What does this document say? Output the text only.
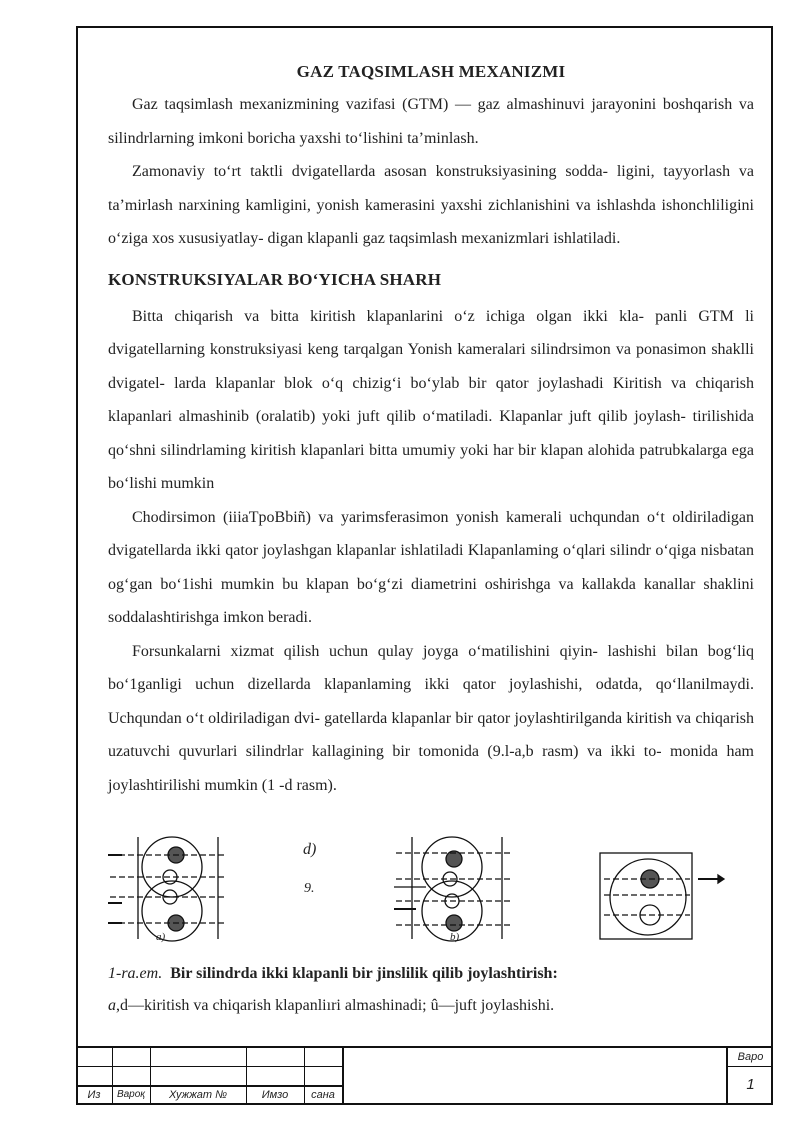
GAZ TAQSIMLASH MEXANIZMI

Gaz taqsimlash mexanizmining vazifasi (GTM) — gaz almashinuvi jarayonini boshqarish va silindrlarning imkoni boricha yaxshi to‘lishini ta’minlash.

Zamonaviy to‘rt taktli dvigatellarda asosan konstruksiyasining sodda- ligini, tayyorlash va ta’mirlash narxining kamligini, yonish kamerasini yaxshi zichlanishini va ishlashda ishonchliligini o‘ziga xos xususiyatlay- digan klapanli gaz taqsimlash mexanizmlari ishlatiladi.

KONSTRUKSIYALAR BO‘YICHA SHARH

Bitta chiqarish va bitta kiritish klapanlarini o‘z ichiga olgan ikki kla- panli GTM li dvigatellarning konstruksiyasi keng tarqalgan Yonish kameralari silindrsimon va ponasimon shaklli dvigatel- larda klapanlar blok o‘q chizig‘i bo‘ylab bir qator joylashadi Kiritish va chiqarish klapanlari almashinib (oralatib) yoki juft qilib o‘matiladi. Klapanlar juft qilib joylash- tirilishida qo‘shni silindrlaming kiritish klapanlari bitta umumiy yoki har bir klapan alohida patrubkalarga ega bo‘lishi mumkin

Chodirsimon (iiiaTpoBbiñ) va yarimsferasimon yonish kamerali uchqundan o‘t oldiriladigan dvigatellarda ikki qator joylashgan klapanlar ishlatiladi Klapanlaming o‘qlari silindr o‘qiga nisbatan og‘gan bo‘1ishi mumkin bu klapan bo‘g‘zi diametrini oshirishga va kallakda kanallar shaklini soddalashtirishga imkon beradi.

Forsunkalarni xizmat qilish uchun qulay joyga o‘matilishini qiyin- lashishi bilan bog‘liq bo‘1ganligi uchun dizellarda klapanlaming ikki qator joylashishi, odatda, qo‘llanilmaydi. Uchqundan o‘t oldiriladigan dvi- gatellarda klapanlar bir qator joylashtirilganda kiritish va chiqarish uzatuvchi quvurlari silindrlar kallagining bir tomonida (9.l-a,b rasm) va ikki to- monida ham joylashtirilishi mumkin (1 -d rasm).

a)
d)
9.
b)
1-ra.em. Bir silindrda ikki klapanli bir jinslilik qilib joylashtirish:
a,d—kiritish va chiqarish klapanliıri almashinadi; û—juft joylashishi.
Из	Вароқ	Хужжат №	Имзо	сана
Варо
1
